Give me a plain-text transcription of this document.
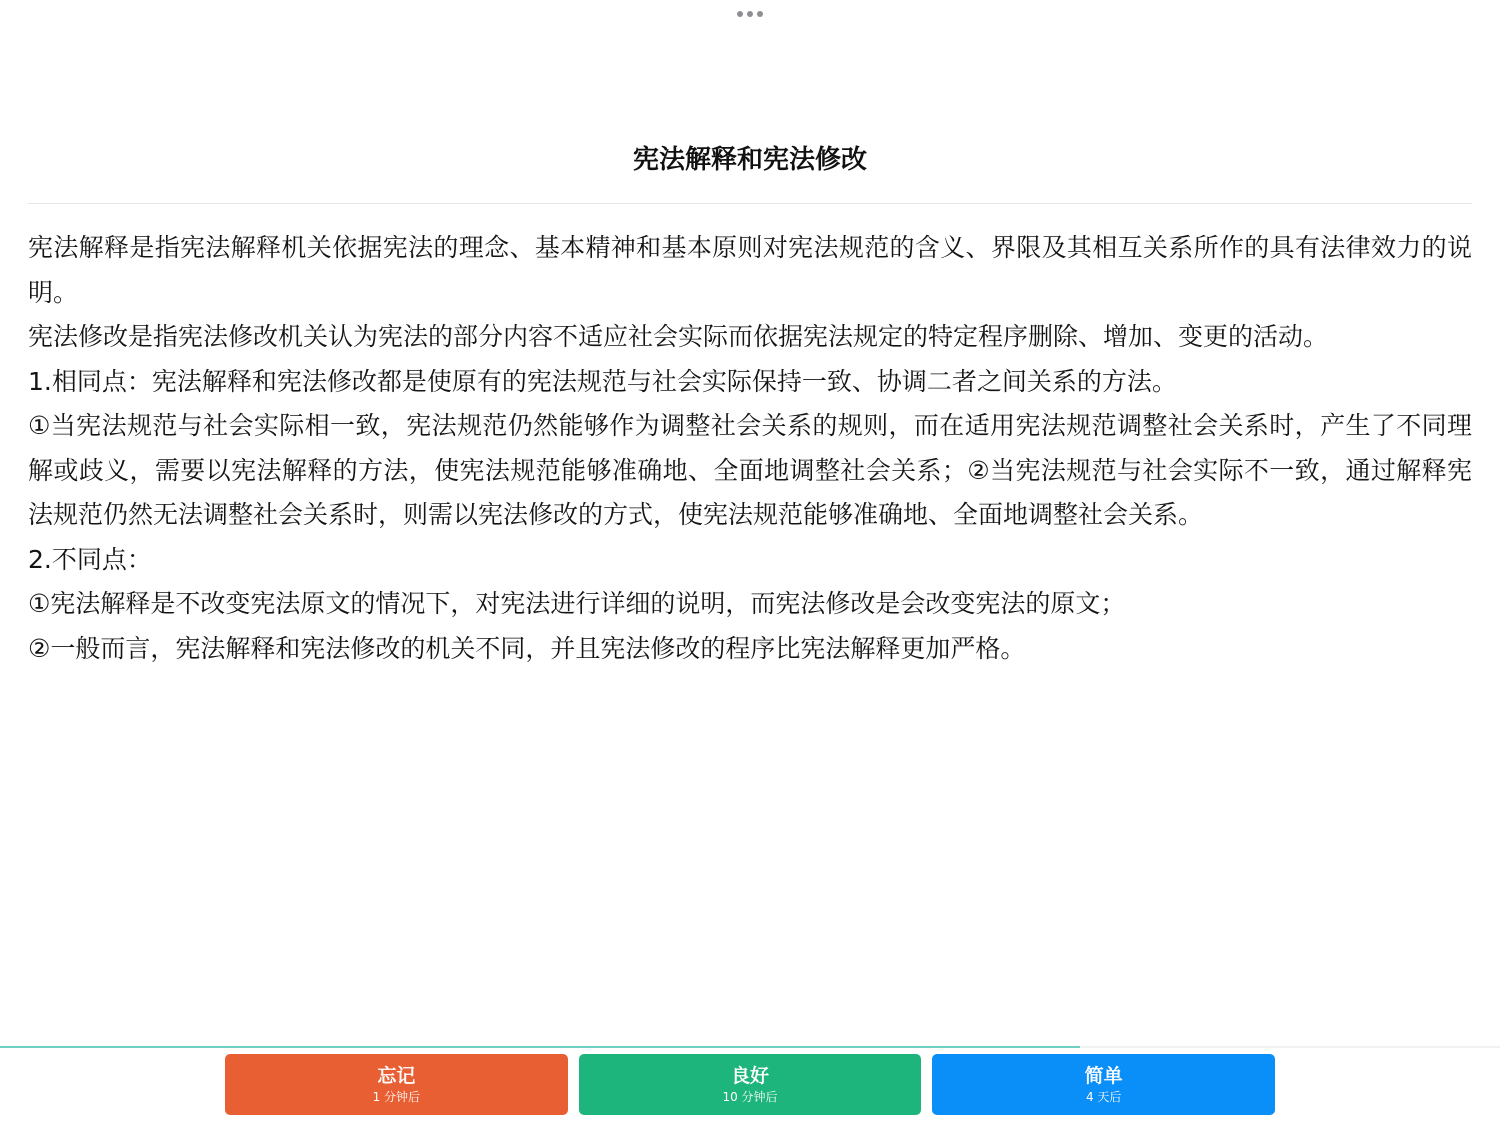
宪法解释和宪法修改

宪法解释是指宪法解释机关依据宪法的理念、基本精神和基本原则对宪法规范的含义、界限及其相互关系所作的具有法律效力的说明。

宪法修改是指宪法修改机关认为宪法的部分内容不适应社会实际而依据宪法规定的特定程序删除、增加、变更的活动。

1.相同点：宪法解释和宪法修改都是使原有的宪法规范与社会实际保持一致、协调二者之间关系的方法。

①当宪法规范与社会实际相一致，宪法规范仍然能够作为调整社会关系的规则，而在适用宪法规范调整社会关系时，产生了不同理解或歧义，需要以宪法解释的方法，使宪法规范能够准确地、全面地调整社会关系；②当宪法规范与社会实际不一致，通过解释宪法规范仍然无法调整社会关系时，则需以宪法修改的方式，使宪法规范能够准确地、全面地调整社会关系。

2.不同点：

①宪法解释是不改变宪法原文的情况下，对宪法进行详细的说明，而宪法修改是会改变宪法的原文；

②一般而言，宪法解释和宪法修改的机关不同，并且宪法修改的程序比宪法解释更加严格。

忘记
1 分钟后
良好
10 分钟后
简单
4 天后
